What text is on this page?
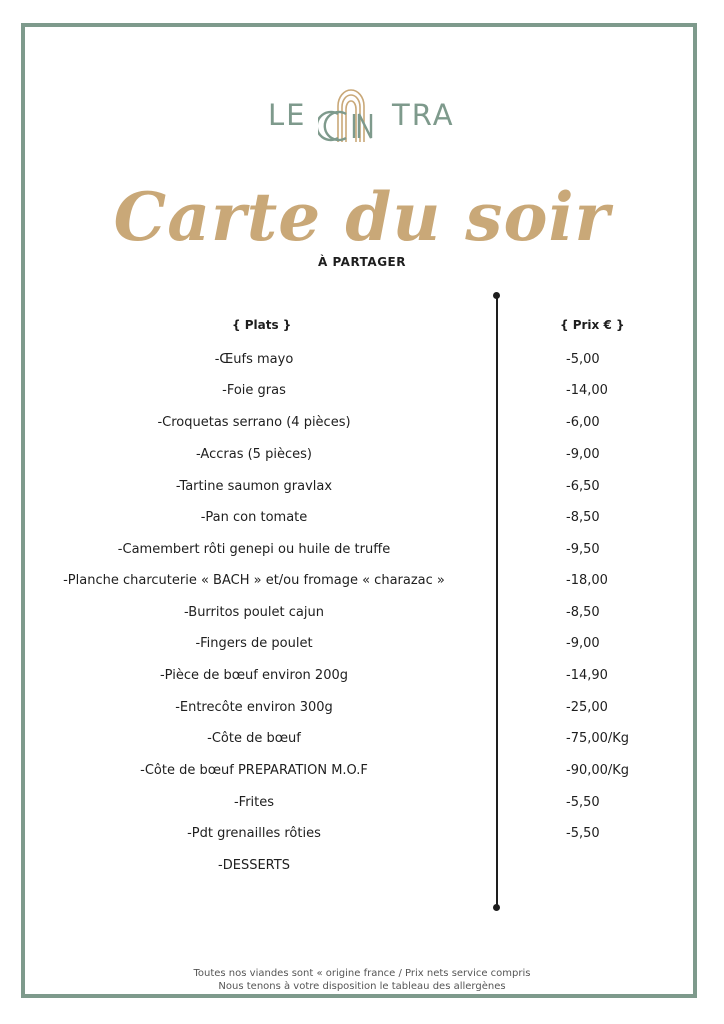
LE	TRA
Carte du soir
À PARTAGER
{ Plats }	{ Prix € }
-Œufs mayo	-5,00
-Foie gras	-14,00
-Croquetas serrano (4 pièces)	-6,00
-Accras (5 pièces)	-9,00
-Tartine saumon gravlax	-6,50
-Pan con tomate	-8,50
-Camembert rôti genepi ou huile de truffe	-9,50
-Planche charcuterie « BACH » et/ou fromage « charazac »	-18,00
-Burritos poulet cajun	-8,50
-Fingers de poulet	-9,00
-Pièce de bœuf environ 200g	-14,90
-Entrecôte environ 300g	-25,00
-Côte de bœuf	-75,00/Kg
-Côte de bœuf PREPARATION M.O.F	-90,00/Kg
-Frites	-5,50
-Pdt grenailles rôties	-5,50
-DESSERTS
Toutes nos viandes sont « origine france / Prix nets service compris
Nous tenons à votre disposition le tableau des allergènes
